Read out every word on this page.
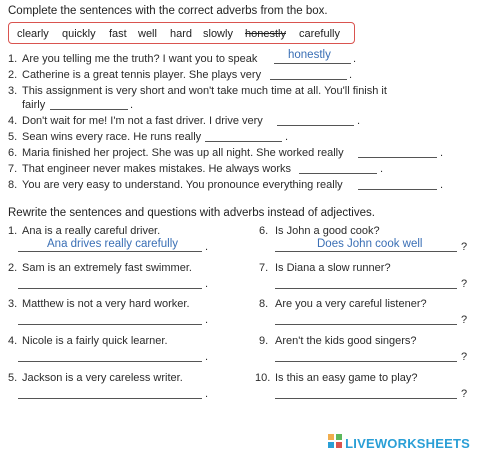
Complete the sentences with the correct adverbs from the box.
clearly quickly fast well hard slowly honestly carefully
1. Are you telling me the truth? I want you to speak	honestly .
2. Catherine is a great tennis player. She plays very	.
3. This assignment is very short and won't take much time at all. You'll finish it
fairly	.
4. Don't wait for me! I'm not a fast driver. I drive very	.
5. Sean wins every race. He runs really	.
6. Maria finished her project. She was up all night. She worked really	.
7. That engineer never makes mistakes. He always works	.
8. You are very easy to understand. You pronounce everything really	.
Rewrite the sentences and questions with adverbs instead of adjectives.
1. Ana is a really careful driver.
Ana drives really carefully .
2. Sam is an extremely fast swimmer.
.
3. Matthew is not a very hard worker.
.
4. Nicole is a fairly quick learner.
.
5. Jackson is a very careless writer.
.
6. Is John a good cook?
Does John cook well	?
7. Is Diana a slow runner?
?
8. Are you a very careful listener?
?
9. Aren't the kids good singers?
?
10. Is this an easy game to play?
?
LIVEWORKSHEETS
